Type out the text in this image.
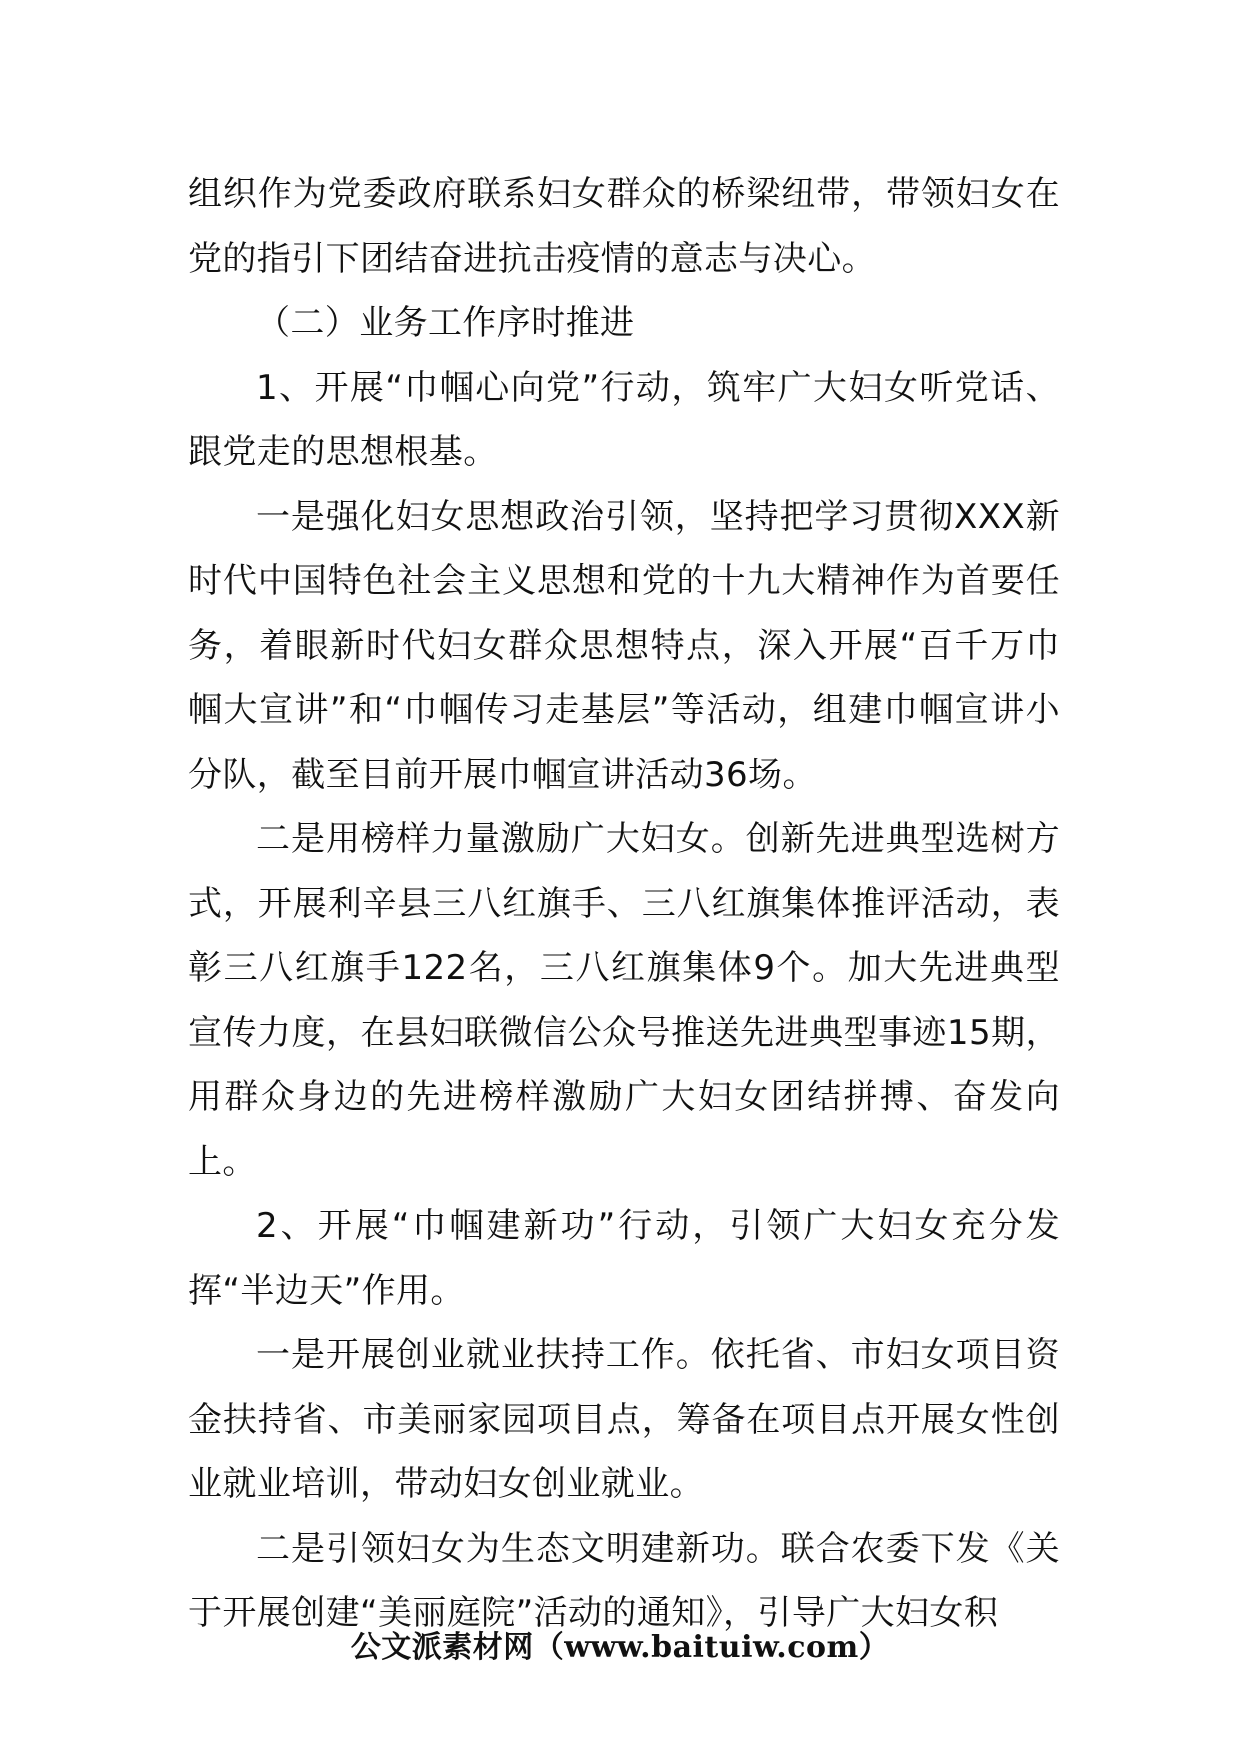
组织作为党委政府联系妇女群众的桥梁纽带，带领妇女在党的指引下团结奋进抗击疫情的意志与决心。

（二）业务工作序时推进

1、开展“巾帼心向党”行动，筑牢广大妇女听党话、跟党走的思想根基。

一是强化妇女思想政治引领，坚持把学习贯彻XXX新时代中国特色社会主义思想和党的十九大精神作为首要任务，着眼新时代妇女群众思想特点，深入开展“百千万巾帼大宣讲”和“巾帼传习走基层”等活动，组建巾帼宣讲小分队，截至目前开展巾帼宣讲活动36场。

二是用榜样力量激励广大妇女。创新先进典型选树方式，开展利辛县三八红旗手、三八红旗集体推评活动，表彰三八红旗手122名，三八红旗集体9个。加大先进典型宣传力度，在县妇联微信公众号推送先进典型事迹15期，用群众身边的先进榜样激励广大妇女团结拼搏、奋发向上。

2、开展“巾帼建新功”行动，引领广大妇女充分发挥“半边天”作用。

一是开展创业就业扶持工作。依托省、市妇女项目资金扶持省、市美丽家园项目点，筹备在项目点开展女性创业就业培训，带动妇女创业就业。

二是引领妇女为生态文明建新功。联合农委下发《关于开展创建“美丽庭院”活动的通知》，引导广大妇女积

公文派素材网（www.baituiw.com）
